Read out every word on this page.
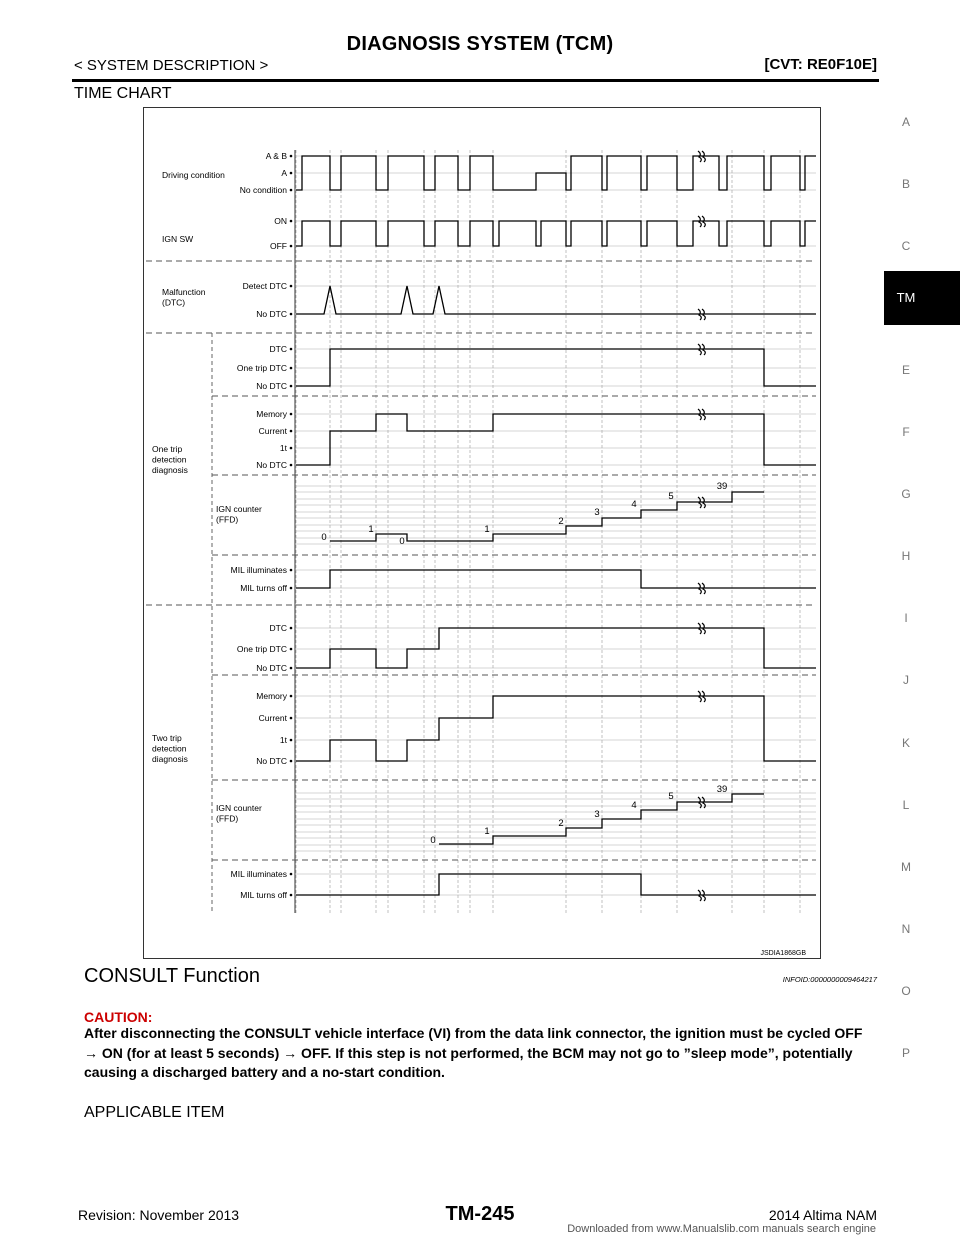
DIAGNOSIS SYSTEM (TCM)
< SYSTEM DESCRIPTION >	[CVT: RE0F10E]
TIME CHART
Driving condition
IGN SW
Malfunction
(DTC)
One trip
detection
diagnosis
Two trip
detection
diagnosis
A & B
A
No condition
ON
OFF
Detect DTC
No DTC
DTC
One trip DTC
No DTC
Memory
Current
1t
No DTC
IGN counter
(FFD)
0
1
0
1
2
3
4
5
39
MIL illuminates
MIL turns off
DTC
One trip DTC
No DTC
Memory
Current
1t
No DTC
IGN counter
(FFD)
0
1
2
3
4
5
39
MIL illuminates
MIL turns off
JSDIA1868GB
CONSULT Function	INFOID:0000000009464217
CAUTION:
After disconnecting the CONSULT vehicle interface (VI) from the data link connector, the ignition must be cycled OFF → ON (for at least 5 seconds) → OFF. If this step is not performed, the BCM may not go to ”sleep mode”, potentially causing a discharged battery and a no-start condition.
APPLICABLE ITEM
A
B
C
E
F
G
H
I
J
K
L
M
N
O
P
TM
Revision: November 2013	TM-245	2014 Altima NAM
Downloaded from www.Manualslib.com manuals search engine
